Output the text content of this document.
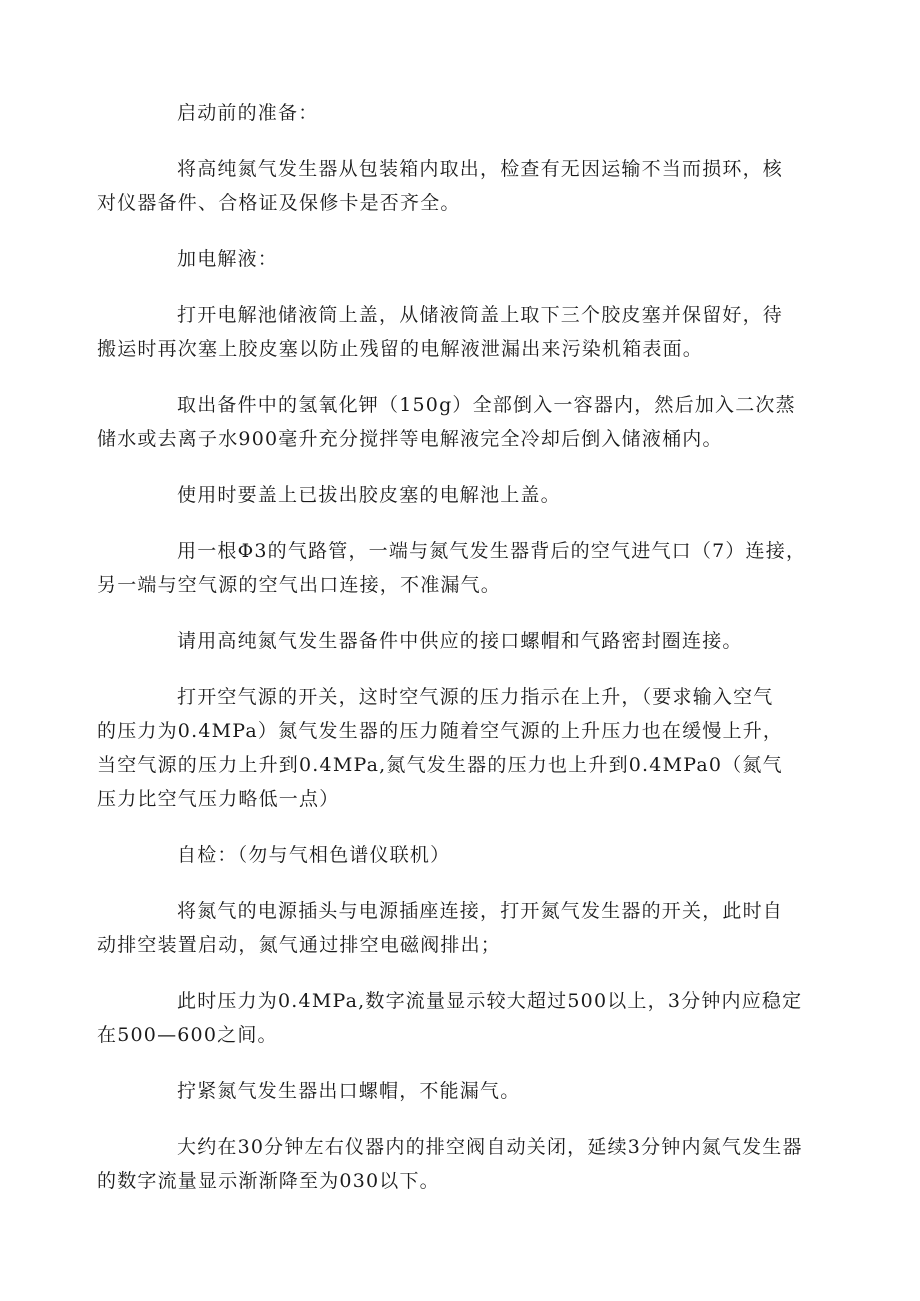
启动前的准备：

将高纯氮气发生器从包装箱内取出，检查有无因运输不当而损环，核
对仪器备件、合格证及保修卡是否齐全。

加电解液：

打开电解池储液筒上盖，从储液筒盖上取下三个胶皮塞并保留好，待
搬运时再次塞上胶皮塞以防止残留的电解液泄漏出来污染机箱表面。

取出备件中的氢氧化钾（150g）全部倒入一容器内，然后加入二次蒸
储水或去离子水900毫升充分搅拌等电解液完全冷却后倒入储液桶内。

使用时要盖上已拔出胶皮塞的电解池上盖。

用一根Φ3的气路管，一端与氮气发生器背后的空气进气口（7）连接，
另一端与空气源的空气出口连接，不准漏气。

请用高纯氮气发生器备件中供应的接口螺帽和气路密封圈连接。

打开空气源的开关，这时空气源的压力指示在上升，（要求输入空气
的压力为0.4MPa）氮气发生器的压力随着空气源的上升压力也在缓慢上升，
当空气源的压力上升到0.4MPa,氮气发生器的压力也上升到0.4MPa0（氮气
压力比空气压力略低一点）

自检：（勿与气相色谱仪联机）

将氮气的电源插头与电源插座连接，打开氮气发生器的开关，此时自
动排空装置启动，氮气通过排空电磁阀排出；

此时压力为0.4MPa,数字流量显示较大超过500以上，3分钟内应稳定
在500—600之间。

拧紧氮气发生器出口螺帽，不能漏气。

大约在30分钟左右仪器内的排空阀自动关闭，延续3分钟内氮气发生器
的数字流量显示渐渐降至为030以下。
